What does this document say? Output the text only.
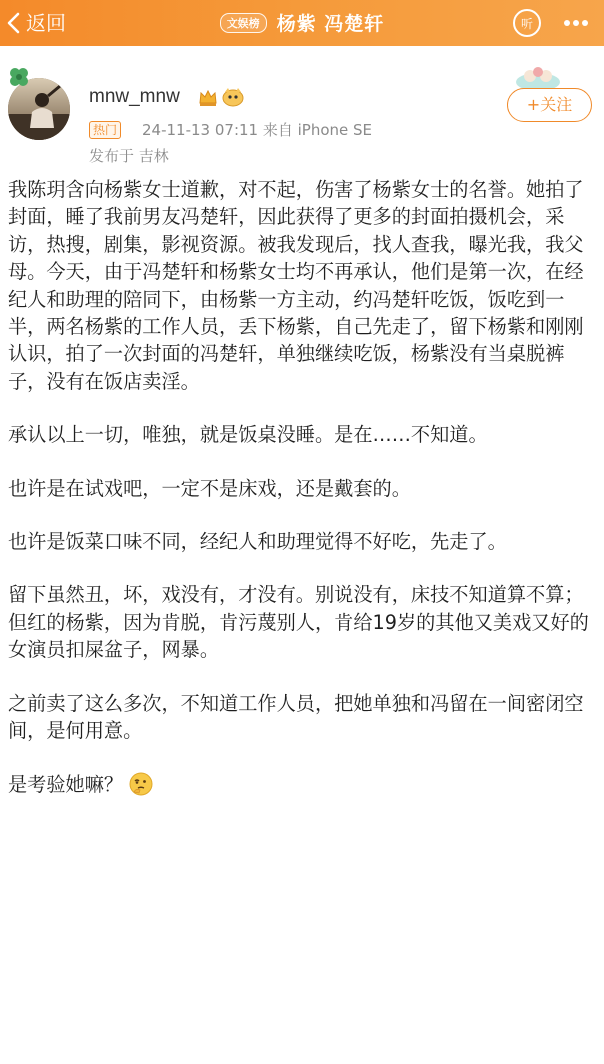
返回	文娱榜 杨紫 冯楚轩	听
mnw_mnw
热门 24-11-13 07:11 来自 iPhone SE
发布于 吉林
+关注

我陈玥含向杨紫女士道歉，对不起，伤害了杨紫女士的名誉。她拍了封面，睡了我前男友冯楚轩，因此获得了更多的封面拍摄机会，采访，热搜，剧集，影视资源。被我发现后，找人查我，曝光我，我父母。今天，由于冯楚轩和杨紫女士均不再承认，他们是第一次，在经纪人和助理的陪同下，由杨紫一方主动，约冯楚轩吃饭，饭吃到一半，两名杨紫的工作人员，丢下杨紫，自己先走了，留下杨紫和刚刚认识，拍了一次封面的冯楚轩，单独继续吃饭，杨紫没有当桌脱裤子，没有在饭店卖淫。

承认以上一切，唯独，就是饭桌没睡。是在……不知道。

也许是在试戏吧，一定不是床戏，还是戴套的。

也许是饭菜口味不同，经纪人和助理觉得不好吃，先走了。

留下虽然丑，坏，戏没有，才没有。别说没有，床技不知道算不算；但红的杨紫，因为肯脱，肯污蔑别人，肯给19岁的其他又美戏又好的女演员扣屎盆子，网暴。

之前卖了这么多次，不知道工作人员，把她单独和冯留在一间密闭空间，是何用意。

是考验她嘛？
